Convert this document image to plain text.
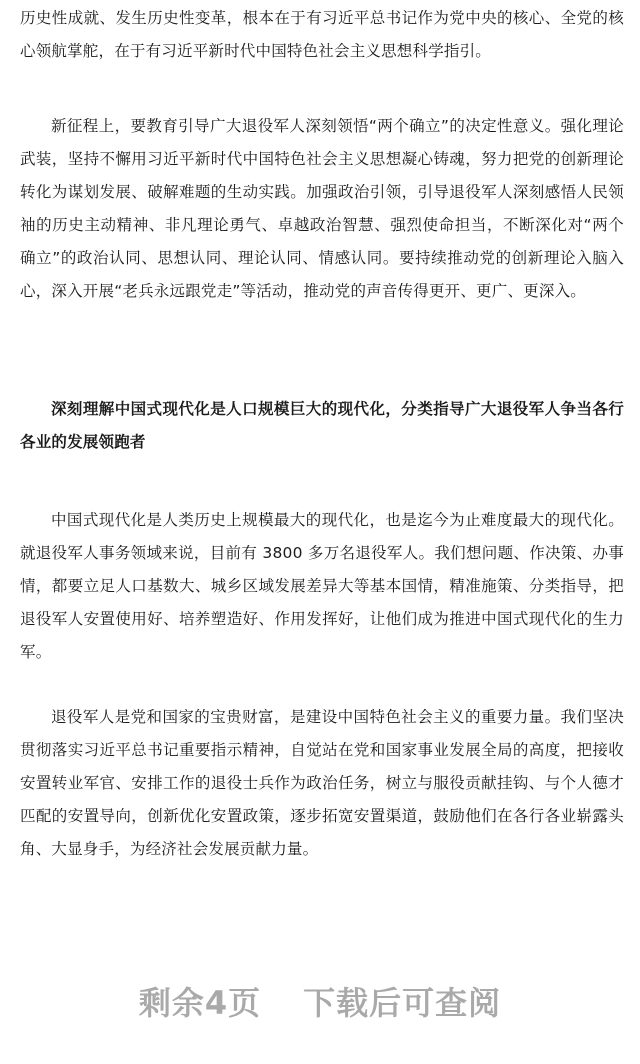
历史性成就、发生历史性变革，根本在于有习近平总书记作为党中央的核心、全党的核心领航掌舵，在于有习近平新时代中国特色社会主义思想科学指引。

新征程上，要教育引导广大退役军人深刻领悟“两个确立”的决定性意义。强化理论武装，坚持不懈用习近平新时代中国特色社会主义思想凝心铸魂，努力把党的创新理论转化为谋划发展、破解难题的生动实践。加强政治引领，引导退役军人深刻感悟人民领袖的历史主动精神、非凡理论勇气、卓越政治智慧、强烈使命担当，不断深化对“两个确立”的政治认同、思想认同、理论认同、情感认同。要持续推动党的创新理论入脑入心，深入开展“老兵永远跟党走”等活动，推动党的声音传得更开、更广、更深入。

深刻理解中国式现代化是人口规模巨大的现代化，分类指导广大退役军人争当各行各业的发展领跑者

中国式现代化是人类历史上规模最大的现代化，也是迄今为止难度最大的现代化。就退役军人事务领域来说，目前有 3800 多万名退役军人。我们想问题、作决策、办事情，都要立足人口基数大、城乡区域发展差异大等基本国情，精准施策、分类指导，把退役军人安置使用好、培养塑造好、作用发挥好，让他们成为推进中国式现代化的生力军。

退役军人是党和国家的宝贵财富，是建设中国特色社会主义的重要力量。我们坚决贯彻落实习近平总书记重要指示精神，自觉站在党和国家事业发展全局的高度，把接收安置转业军官、安排工作的退役士兵作为政治任务，树立与服役贡献挂钩、与个人德才匹配的安置导向，创新优化安置政策，逐步拓宽安置渠道，鼓励他们在各行各业崭露头角、大显身手，为经济社会发展贡献力量。

剩余4页 下载后可查阅
